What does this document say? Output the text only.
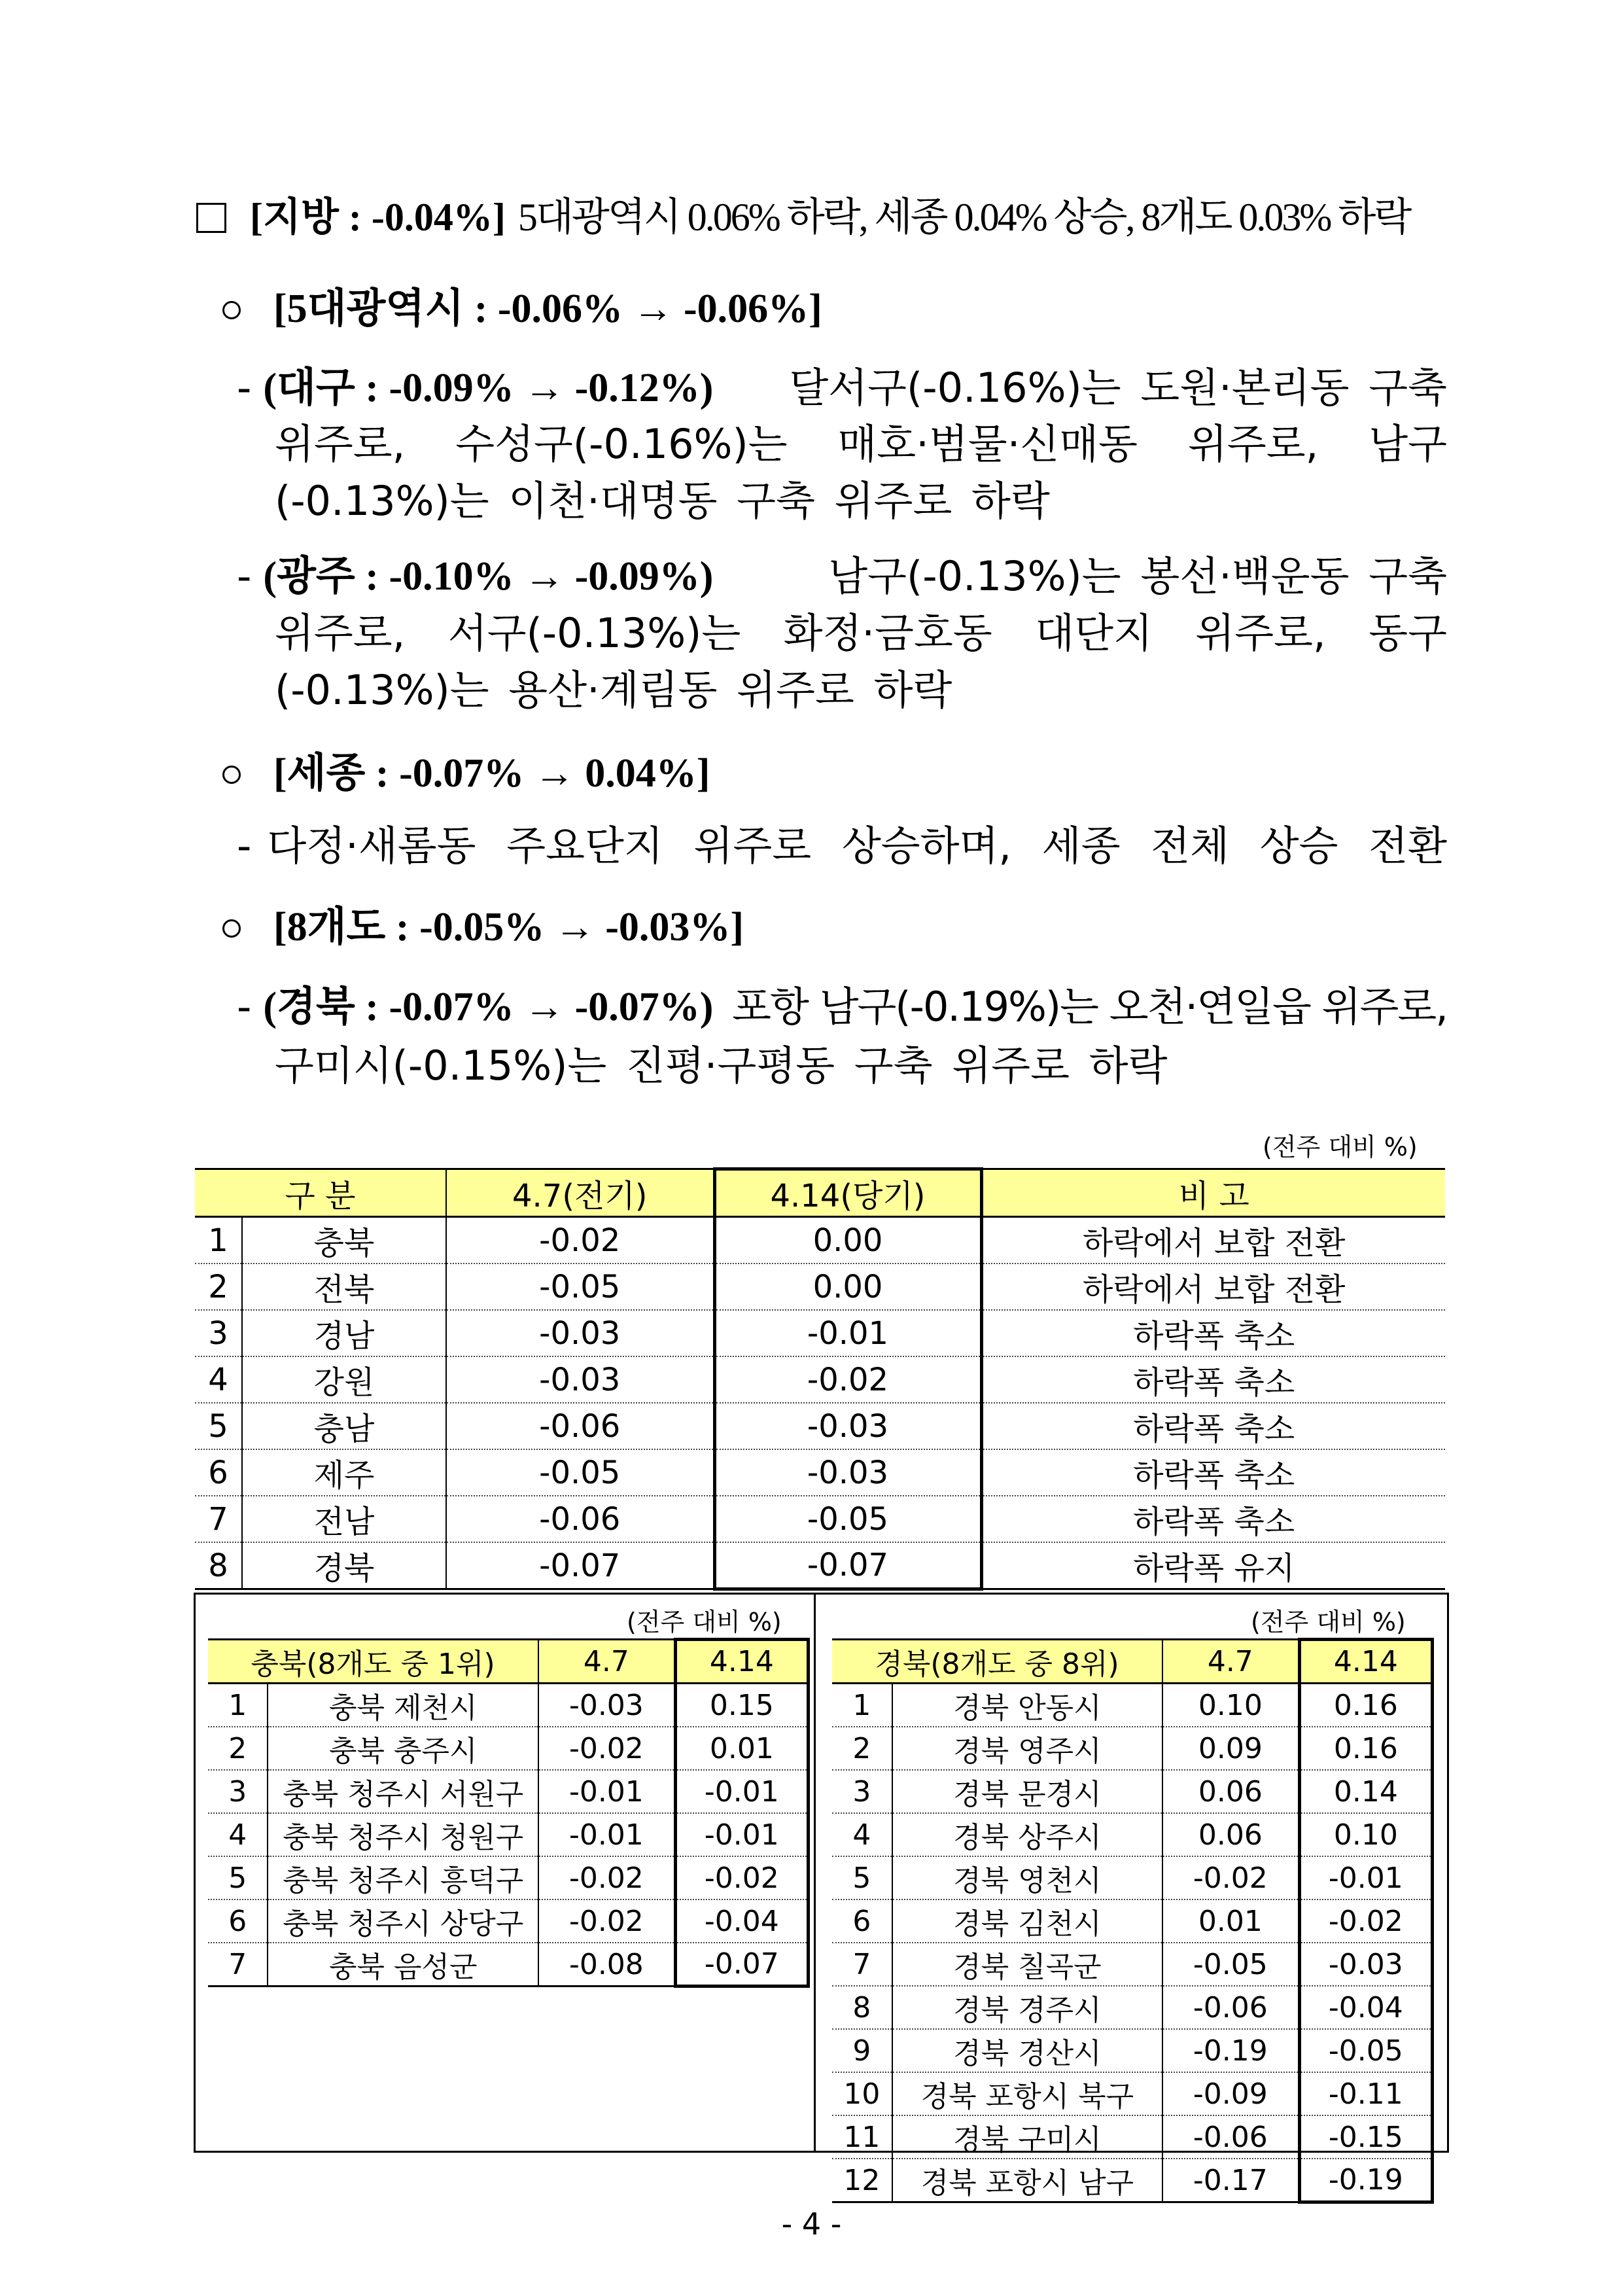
[지방 : -0.04%] 5대광역시 0.06% 하락, 세종 0.04% 상승, 8개도 0.03% 하락
[5대광역시 : -0.06% → -0.06%]
- (대구 : -0.09% → -0.12%) 달서구(-0.16%)는 도원·본리동 구축
위주로, 수성구(-0.16%)는 매호·범물·신매동 위주로, 남구
(-0.13%)는 이천·대명동 구축 위주로 하락
- (광주 : -0.10% → -0.09%)	남구(-0.13%)는 봉선·백운동 구축
위주로, 서구(-0.13%)는 화정·금호동 대단지 위주로, 동구
(-0.13%)는 용산·계림동 위주로 하락
[세종 : -0.07% → 0.04%]
- 다정·새롬동 주요단지 위주로 상승하며, 세종 전체 상승 전환
[8개도 : -0.05% → -0.03%]
- (경북 : -0.07% → -0.07%) 포항 남구(-0.19%)는 오천·연일읍 위주로,
구미시(-0.15%)는 진평·구평동 구축 위주로 하락
(전주 대비 %)
구 분		4.7(전기)	4.14(당기)	비 고
1	충북	-0.02	0.00	하락에서 보합 전환
2	전북	-0.05	0.00	하락에서 보합 전환
3	경남	-0.03	-0.01	하락폭 축소
4	강원	-0.03	-0.02	하락폭 축소
5	충남	-0.06	-0.03	하락폭 축소
6	제주	-0.05	-0.03	하락폭 축소
7	전남	-0.06	-0.05	하락폭 축소
8	경북	-0.07	-0.07	하락폭 유지
(전주 대비 %)	(전주 대비 %)
충북(8개도 중 1위)		4.7	4.14
1	충북 제천시	-0.03	0.15
2	충북 충주시	-0.02	0.01
3	충북 청주시 서원구	-0.01	-0.01
4	충북 청주시 청원구	-0.01	-0.01
5	충북 청주시 흥덕구	-0.02	-0.02
6	충북 청주시 상당구	-0.02	-0.04
7	충북 음성군	-0.08	-0.07
경북(8개도 중 8위)		4.7	4.14
1	경북 안동시	0.10	0.16
2	경북 영주시	0.09	0.16
3	경북 문경시	0.06	0.14
4	경북 상주시	0.06	0.10
5	경북 영천시	-0.02	-0.01
6	경북 김천시	0.01	-0.02
7	경북 칠곡군	-0.05	-0.03
8	경북 경주시	-0.06	-0.04
9	경북 경산시	-0.19	-0.05
10	경북 포항시 북구	-0.09	-0.11
11	경북 구미시	-0.06	-0.15
12	경북 포항시 남구	-0.17	-0.19
- 4 -
